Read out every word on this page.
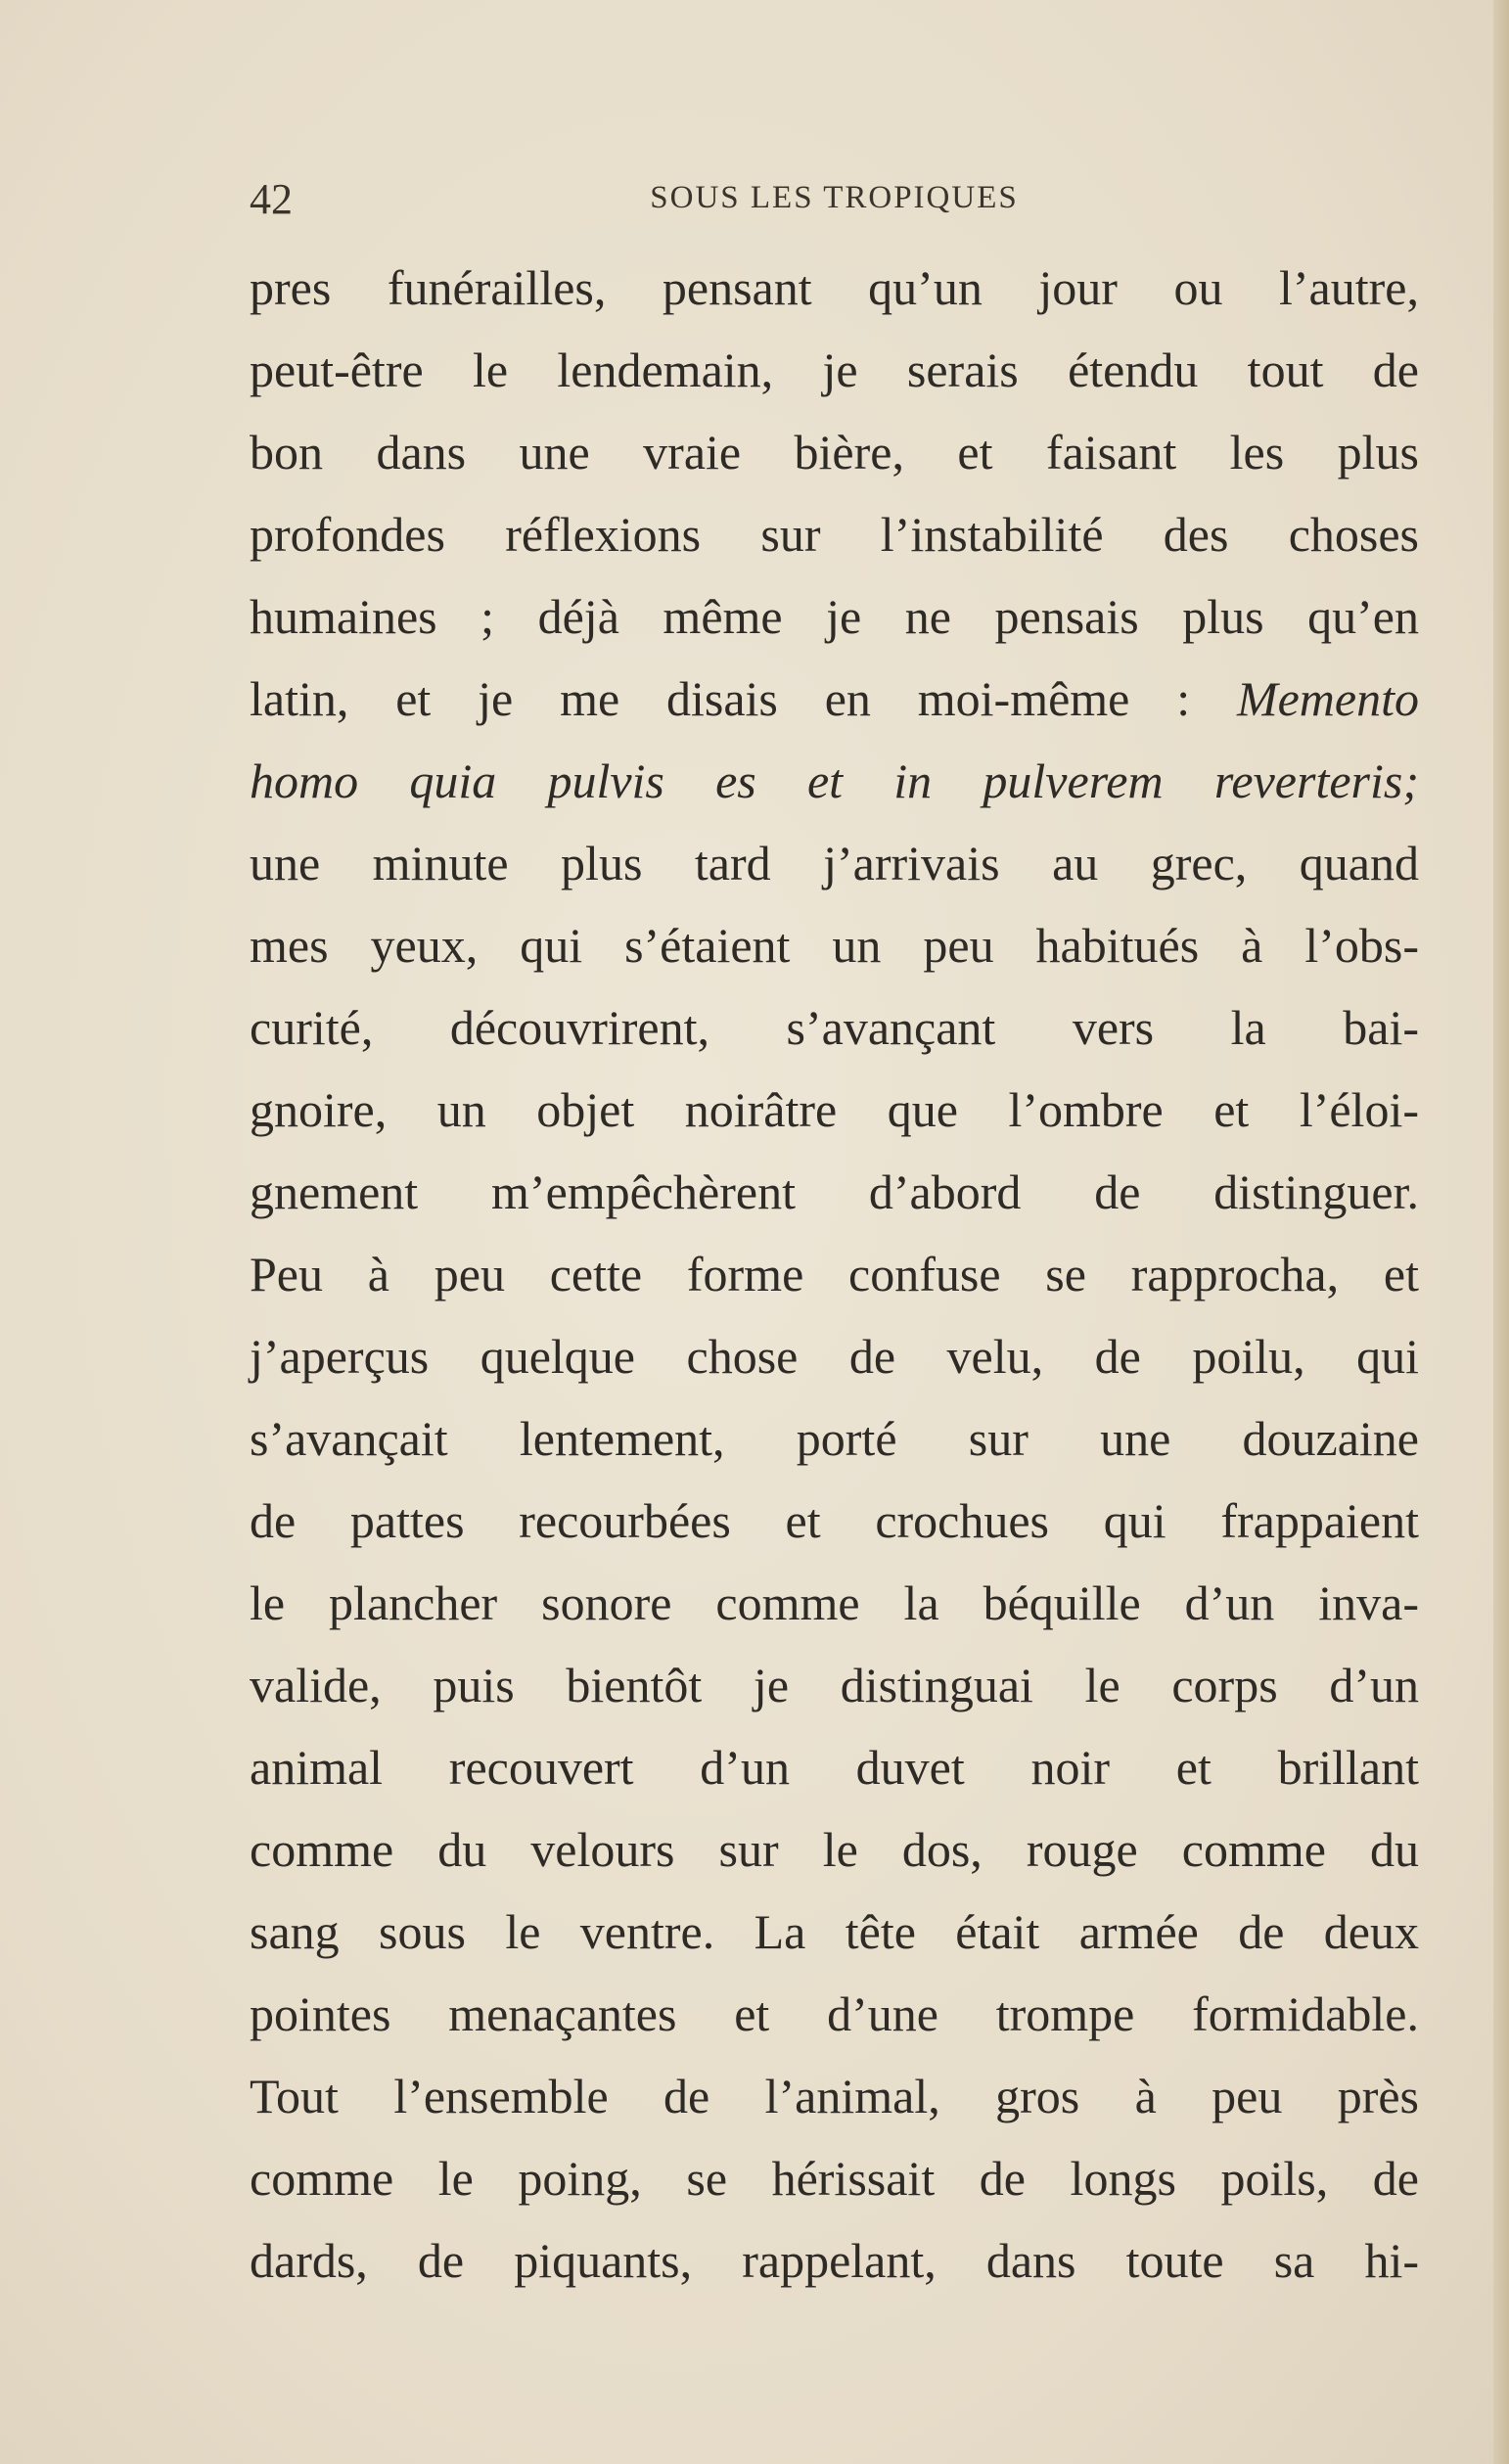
42	SOUS LES TROPIQUES
pres funérailles, pensant qu’un jour ou l’autre,
peut-être le lendemain, je serais étendu tout de
bon dans une vraie bière, et faisant les plus
profondes réflexions sur l’instabilité des choses
humaines ; déjà même je ne pensais plus qu’en
latin, et je me disais en moi-même : Memento
homo quia pulvis es et in pulverem reverteris;
une minute plus tard j’arrivais au grec, quand
mes yeux, qui s’étaient un peu habitués à l’obs-
curité, découvrirent, s’avançant vers la bai-
gnoire, un objet noirâtre que l’ombre et l’éloi-
gnement m’empêchèrent d’abord de distinguer.
Peu à peu cette forme confuse se rapprocha, et
j’aperçus quelque chose de velu, de poilu, qui
s’avançait lentement, porté sur une douzaine
de pattes recourbées et crochues qui frappaient
le plancher sonore comme la béquille d’un inva-
valide, puis bientôt je distinguai le corps d’un
animal recouvert d’un duvet noir et brillant
comme du velours sur le dos, rouge comme du
sang sous le ventre. La tête était armée de deux
pointes menaçantes et d’une trompe formidable.
Tout l’ensemble de l’animal, gros à peu près
comme le poing, se hérissait de longs poils, de
dards, de piquants, rappelant, dans toute sa hi-
